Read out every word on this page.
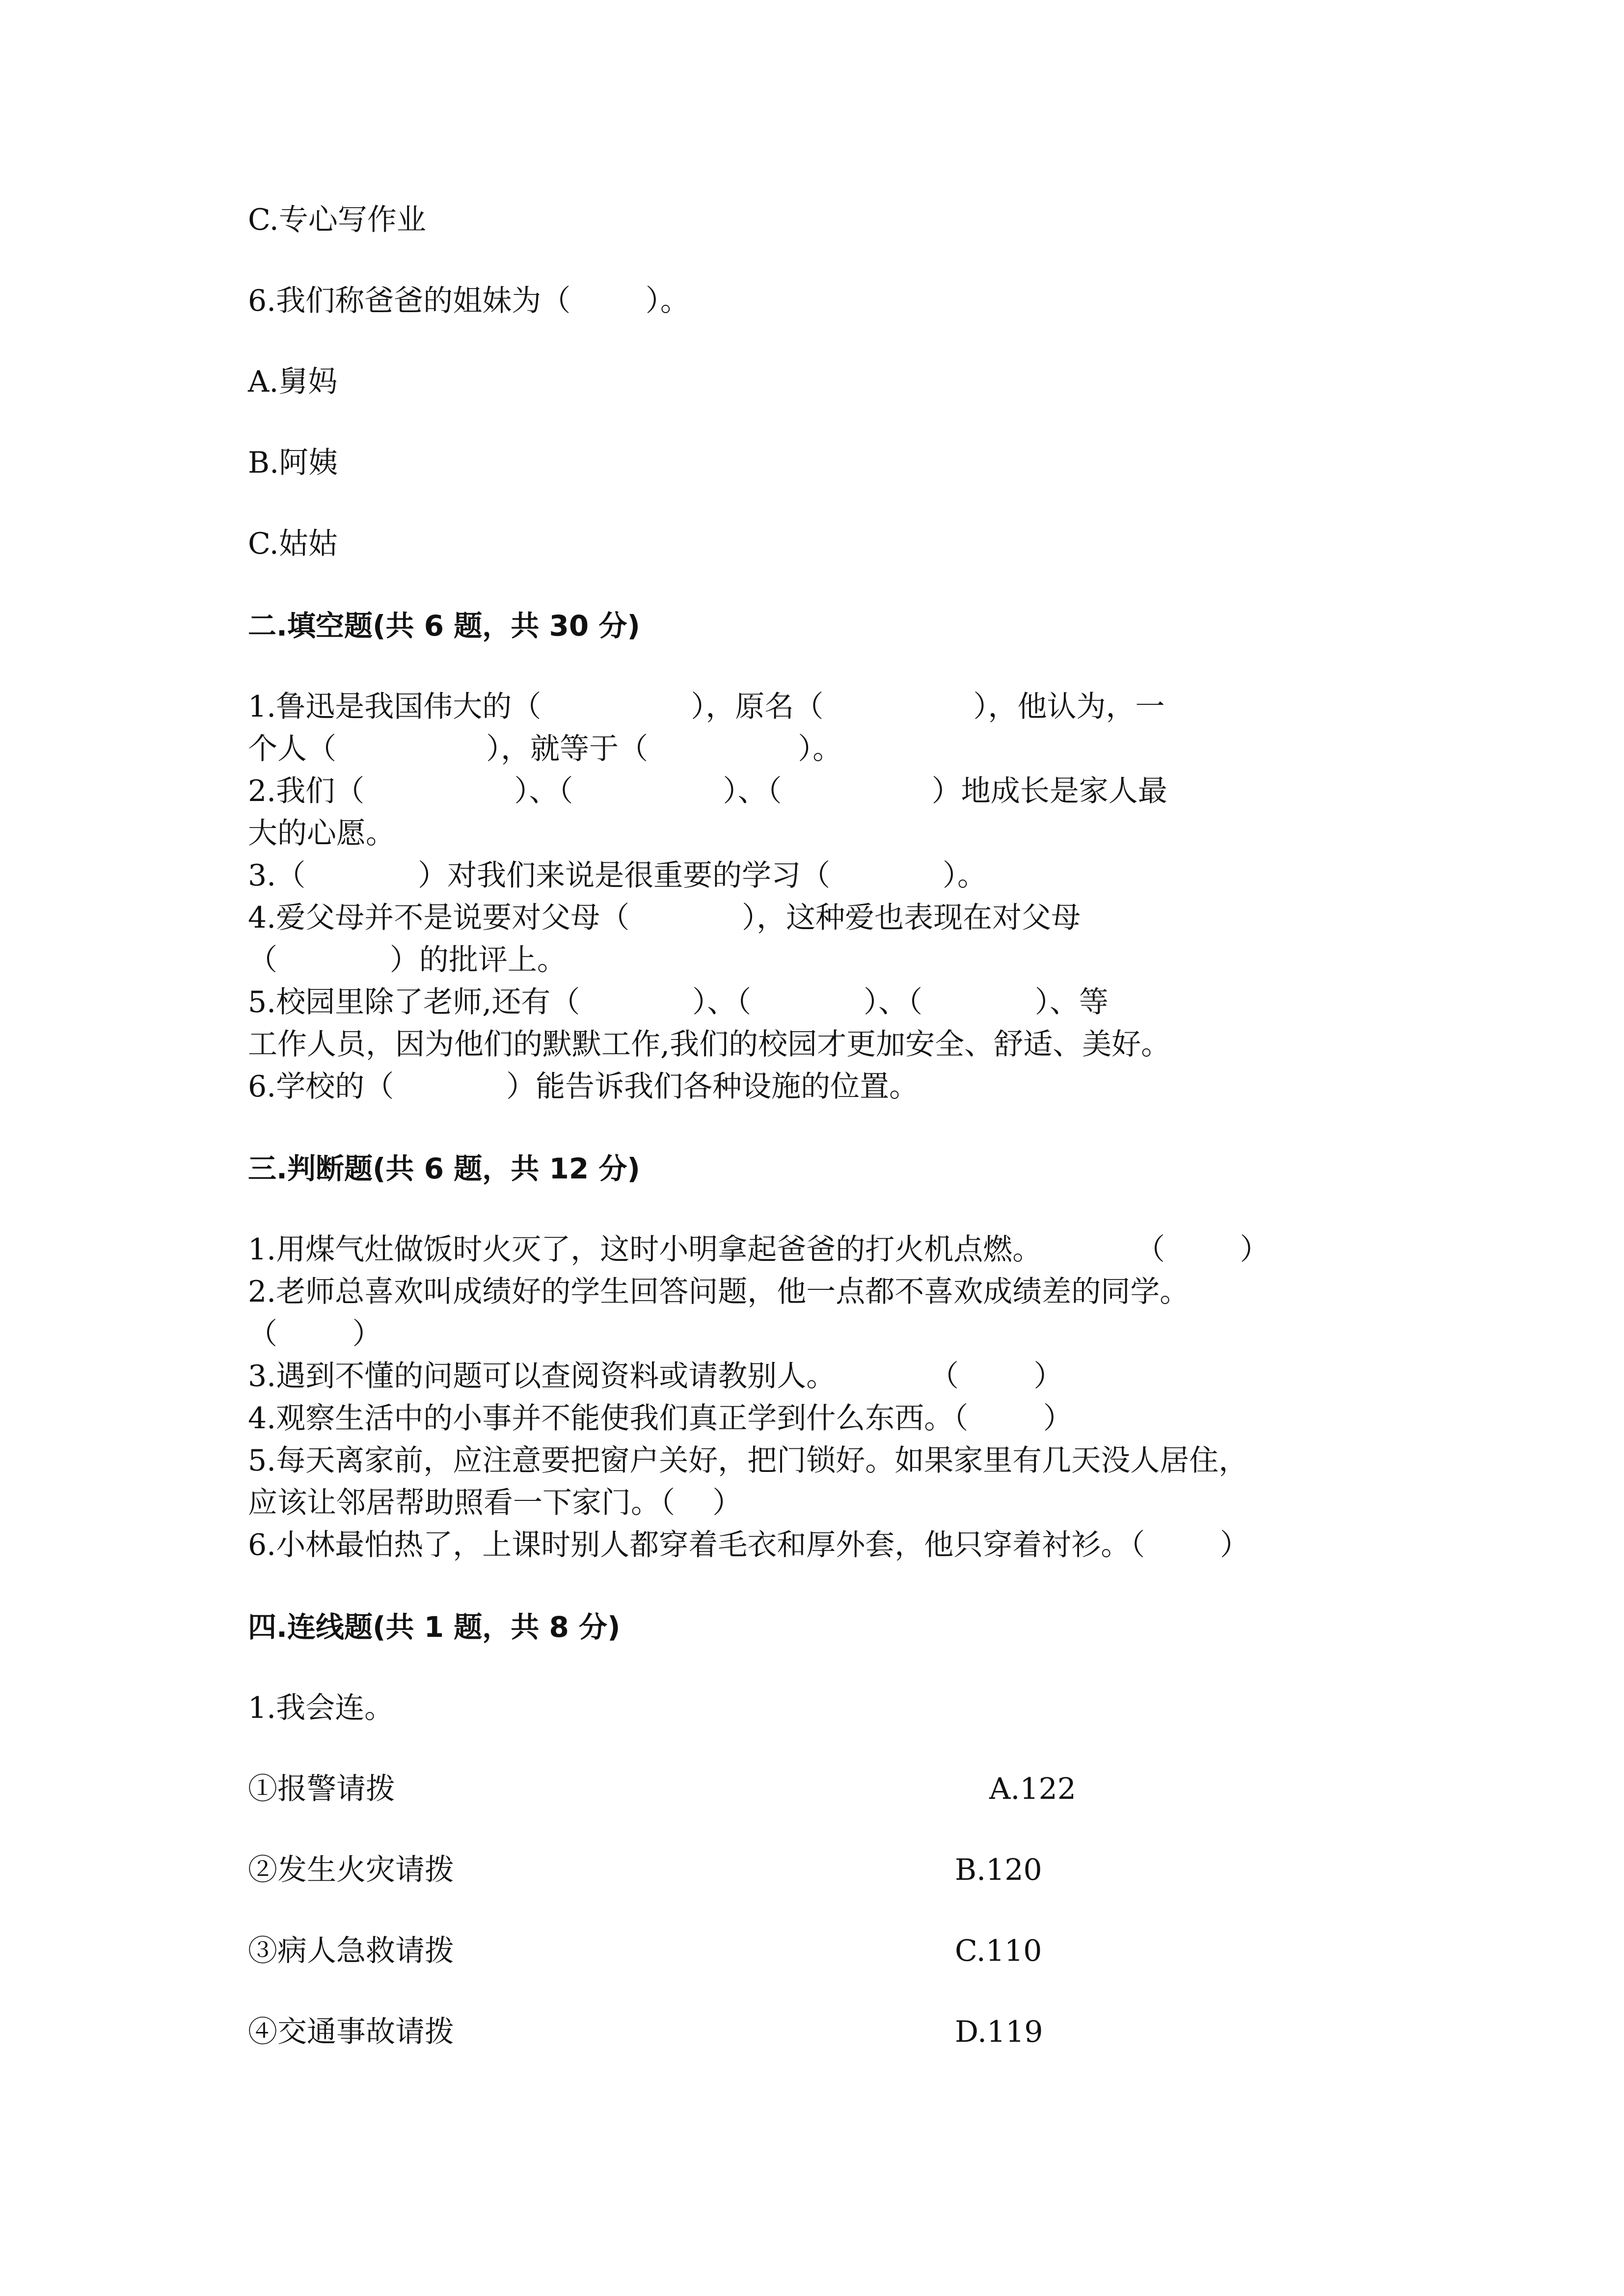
C.专心写作业
6.我们称爸爸的姐妹为（        ）。
A.舅妈
B.阿姨
C.姑姑
二.填空题(共 6 题，共 30 分)
1.鲁迅是我国伟大的（                ），原名（                ），他认为，一
个人（                ），就等于（                ）。
2.我们（                ）、（                ）、（                ）地成长是家人最
大的心愿。
3.（            ）对我们来说是很重要的学习（            ）。
4.爱父母并不是说要对父母（            ），这种爱也表现在对父母
（            ）的批评上。
5.校园里除了老师,还有（            ）、（            ）、（            ）、等
工作人员，因为他们的默默工作,我们的校园才更加安全、舒适、美好。
6.学校的（            ）能告诉我们各种设施的位置。
三.判断题(共 6 题，共 12 分)
1.用煤气灶做饭时火灭了，这时小明拿起爸爸的打火机点燃。          （        ）
2.老师总喜欢叫成绩好的学生回答问题，他一点都不喜欢成绩差的同学。
（        ）
3.遇到不懂的问题可以查阅资料或请教别人。          （        ）
4.观察生活中的小事并不能使我们真正学到什么东西。（        ）
5.每天离家前，应注意要把窗户关好，把门锁好。如果家里有几天没人居住，
应该让邻居帮助照看一下家门。（    ）
6.小林最怕热了，上课时别人都穿着毛衣和厚外套，他只穿着衬衫。（        ）
四.连线题(共 1 题，共 8 分)
1.我会连。
①报警请拨	A.122
②发生火灾请拨	B.120
③病人急救请拨	C.110
④交通事故请拨	D.119
